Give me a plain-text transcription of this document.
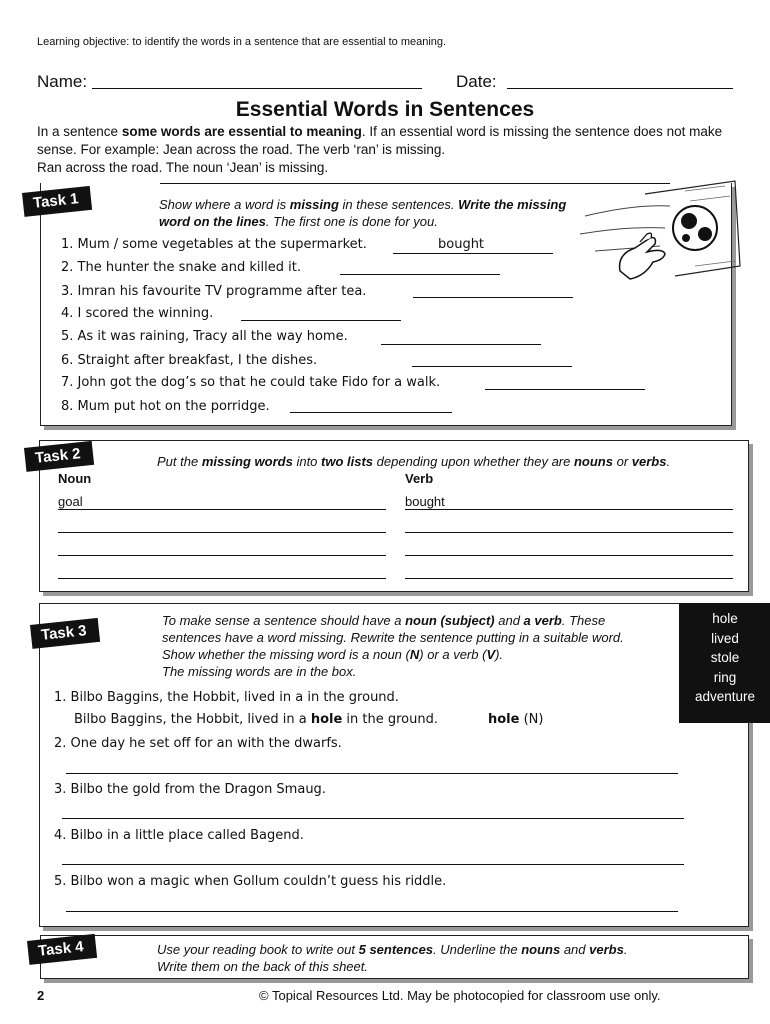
Learning objective: to identify the words in a sentence that are essential to meaning.
Name:	Date:
Essential Words in Sentences
In a sentence some words are essential to meaning. If an essential word is missing the sentence does not make sense. For example: Jean across the road. The verb ‘ran’ is missing.
Ran across the road. The noun ‘Jean’ is missing.
Task 1	Show where a word is missing in these sentences. Write the missing word on the lines. The first one is done for you.
1. Mum / some vegetables at the supermarket.	bought
2. The hunter the snake and killed it.
3. Imran his favourite TV programme after tea.
4. I scored the winning.
5. As it was raining, Tracy all the way home.
6. Straight after breakfast, I the dishes.
7. John got the dog’s so that he could take Fido for a walk.
8. Mum put hot on the porridge.
Task 2	Put the missing words into two lists depending upon whether they are nouns or verbs.
Noun	Verb
goal	bought
Task 3
To make sense a sentence should have a noun (subject) and a verb. These sentences have a word missing. Rewrite the sentence putting in a suitable word. Show whether the missing word is a noun (N) or a verb (V).
The missing words are in the box.
hole
lived
stole
ring
adventure
1. Bilbo Baggins, the Hobbit, lived in a in the ground.
Bilbo Baggins, the Hobbit, lived in a hole in the ground.	hole (N)
2. One day he set off for an with the dwarfs.
3. Bilbo the gold from the Dragon Smaug.
4. Bilbo in a little place called Bagend.
5. Bilbo won a magic when Gollum couldn’t guess his riddle.
Task 4	Use your reading book to write out 5 sentences. Underline the nouns and verbs.
Write them on the back of this sheet.
2	© Topical Resources Ltd. May be photocopied for classroom use only.
